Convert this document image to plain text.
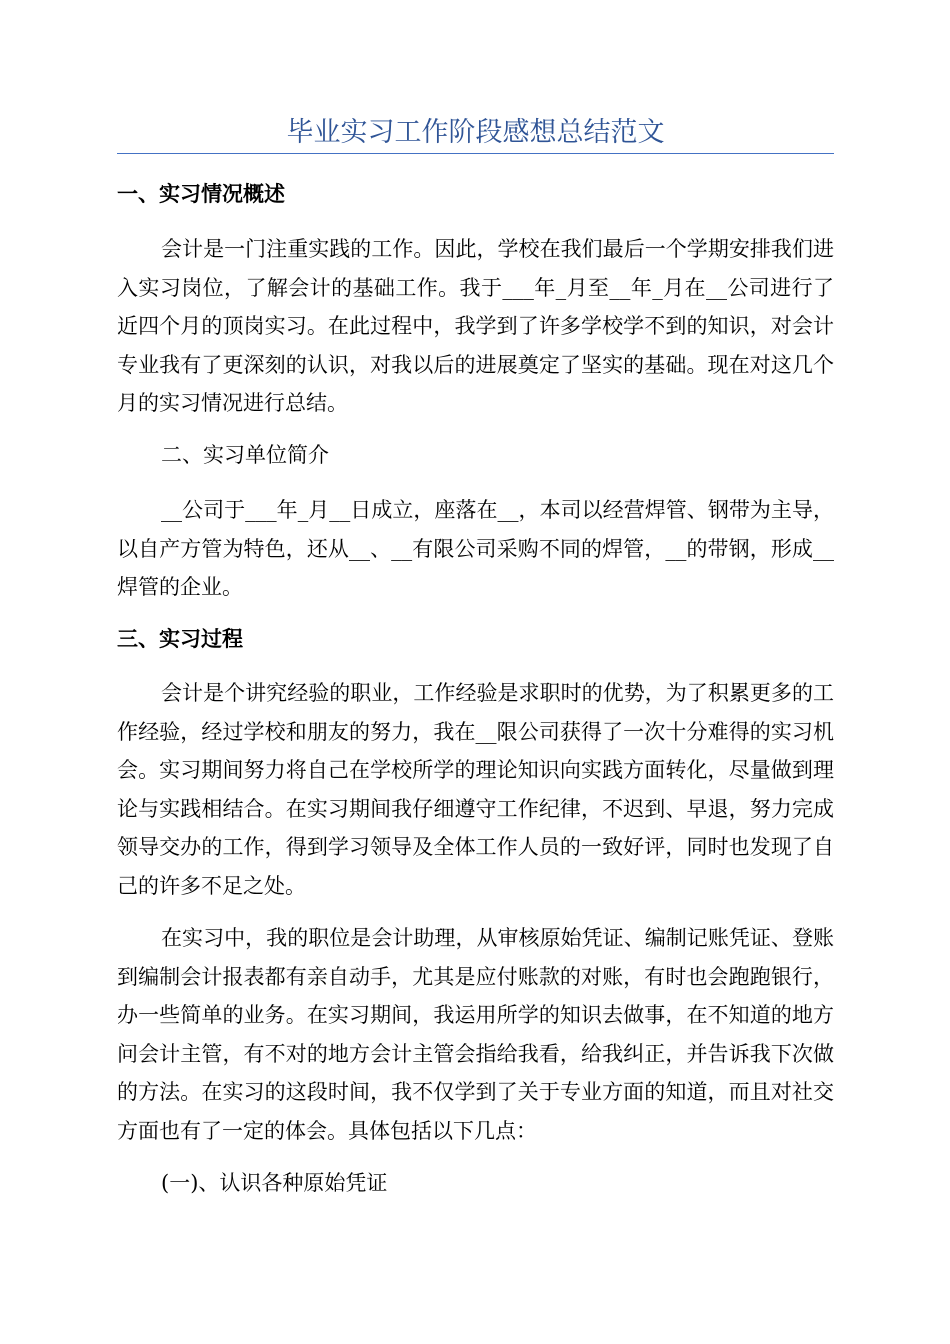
毕业实习工作阶段感想总结范文
一、实习情况概述

会计是一门注重实践的工作。因此，学校在我们最后一个学期安排我们进入实习岗位，了解会计的基础工作。我于___年_月至__年_月在__公司进行了近四个月的顶岗实习。在此过程中，我学到了许多学校学不到的知识，对会计专业我有了更深刻的认识，对我以后的进展奠定了坚实的基础。现在对这几个月的实习情况进行总结。

二、实习单位简介

__公司于___年_月__日成立，座落在__，本司以经营焊管、钢带为主导，以自产方管为特色，还从__、__有限公司采购不同的焊管，__的带钢，形成__焊管的企业。

三、实习过程

会计是个讲究经验的职业，工作经验是求职时的优势，为了积累更多的工作经验，经过学校和朋友的努力，我在__限公司获得了一次十分难得的实习机会。实习期间努力将自己在学校所学的理论知识向实践方面转化，尽量做到理论与实践相结合。在实习期间我仔细遵守工作纪律，不迟到、早退，努力完成领导交办的工作，得到学习领导及全体工作人员的一致好评，同时也发现了自己的许多不足之处。

在实习中，我的职位是会计助理，从审核原始凭证、编制记账凭证、登账到编制会计报表都有亲自动手，尤其是应付账款的对账，有时也会跑跑银行，办一些简单的业务。在实习期间，我运用所学的知识去做事，在不知道的地方问会计主管，有不对的地方会计主管会指给我看，给我纠正，并告诉我下次做的方法。在实习的这段时间，我不仅学到了关于专业方面的知道，而且对社交方面也有了一定的体会。具体包括以下几点：

(一)、认识各种原始凭证
